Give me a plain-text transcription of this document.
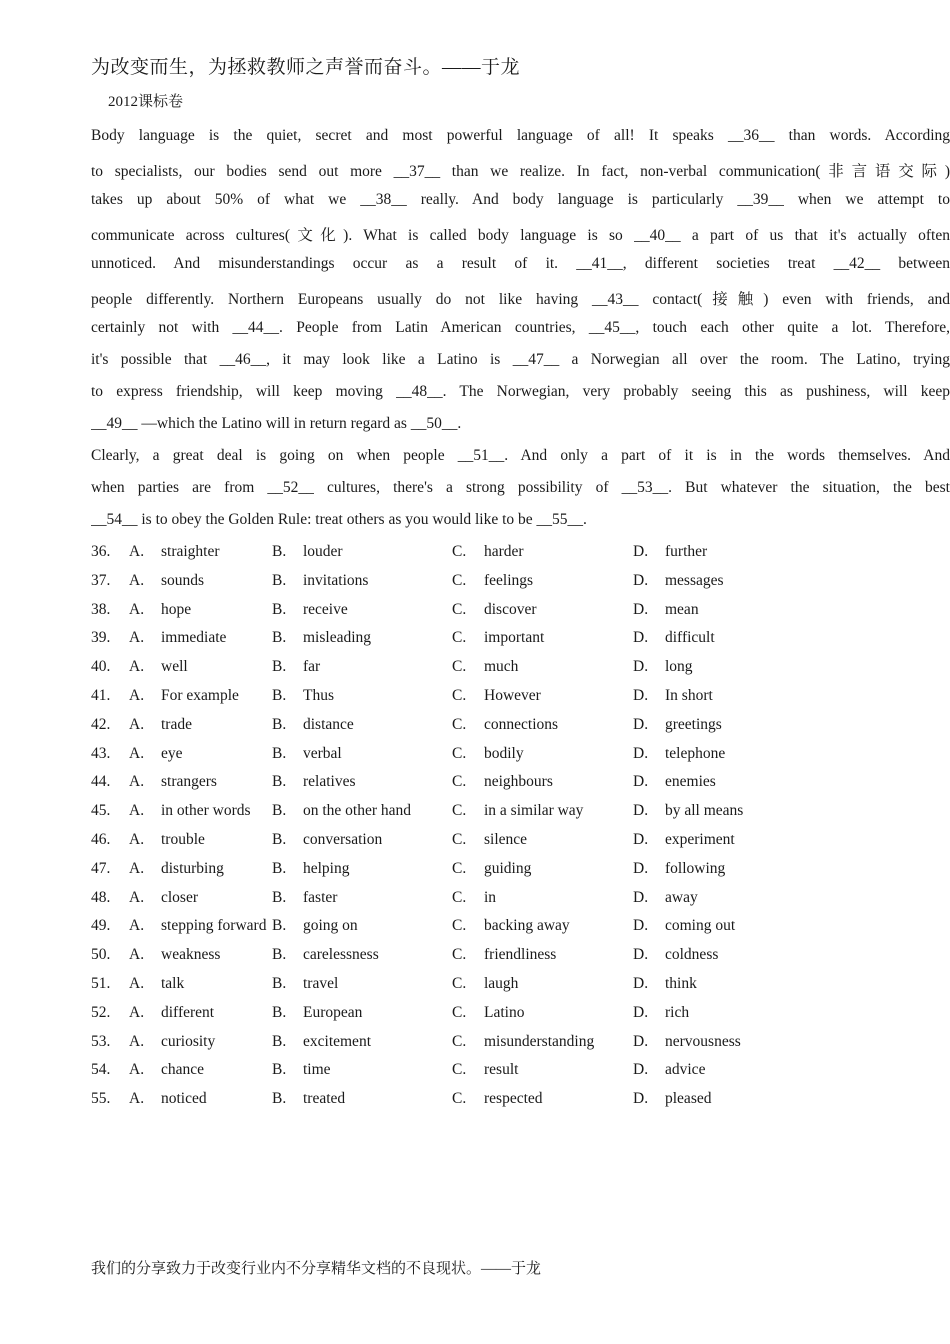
为改变而生，为拯救教师之声誉而奋斗。——于龙
2012课标卷
Body language is the quiet, secret and most powerful language of all! It speaks __36__ than words. According
to specialists, our bodies send out more __37__ than we realize. In fact, non-verbal communication(非言语交际)
takes up about 50% of what we __38__ really. And body language is particularly __39__ when we attempt to
communicate across cultures(文化). What is called body language is so __40__ a part of us that it's actually often
unnoticed. And misunderstandings occur as a result of it. __41__, different societies treat __42__ between
people differently. Northern Europeans usually do not like having __43__ contact(接触) even with friends, and
certainly not with __44__. People from Latin American countries, __45__, touch each other quite a lot. Therefore,
it's possible that __46__, it may look like a Latino is __47__ a Norwegian all over the room. The Latino, trying
to express friendship, will keep moving __48__. The Norwegian, very probably seeing this as pushiness, will keep
__49__ —which the Latino will in return regard as __50__.
Clearly, a great deal is going on when people __51__. And only a part of it is in the words themselves. And
when parties are from __52__ cultures, there's a strong possibility of __53__. But whatever the situation, the best
__54__ is to obey the Golden Rule: treat others as you would like to be __55__.
36. A. straighter	B. louder	C. harder	D. further
37. A. sounds	B. invitations	C. feelings	D. messages
38. A. hope	B. receive	C. discover	D. mean
39. A. immediate	B. misleading	C. important	D. difficult
40. A. well	B. far	C. much	D. long
41. A. For example B. Thus	C. However	D. In short
42. A. trade	B. distance	C. connections	D. greetings
43. A. eye	B. verbal	C. bodily	D. telephone
44. A. strangers	B. relatives	C. neighbours	D. enemies
45. A. in other words B. on the other hand	C. in a similar way	D. by all means
46. A. trouble	B. conversation	C. silence	D. experiment
47. A. disturbing	B. helping	C. guiding	D. following
48. A. closer	B. faster	C. in	D. away
49. A. stepping forward B. going on	C. backing away	D. coming out
50. A. weakness	B. carelessness	C. friendliness	D. coldness
51. A. talk	B. travel	C. laugh	D. think
52. A. different	B. European	C. Latino	D. rich
53. A. curiosity	B. excitement	C. misunderstanding	D. nervousness
54. A. chance	B. time	C. result	D. advice
55. A. noticed	B. treated	C. respected	D. pleased
我们的分享致力于改变行业内不分享精华文档的不良现状。——于龙
